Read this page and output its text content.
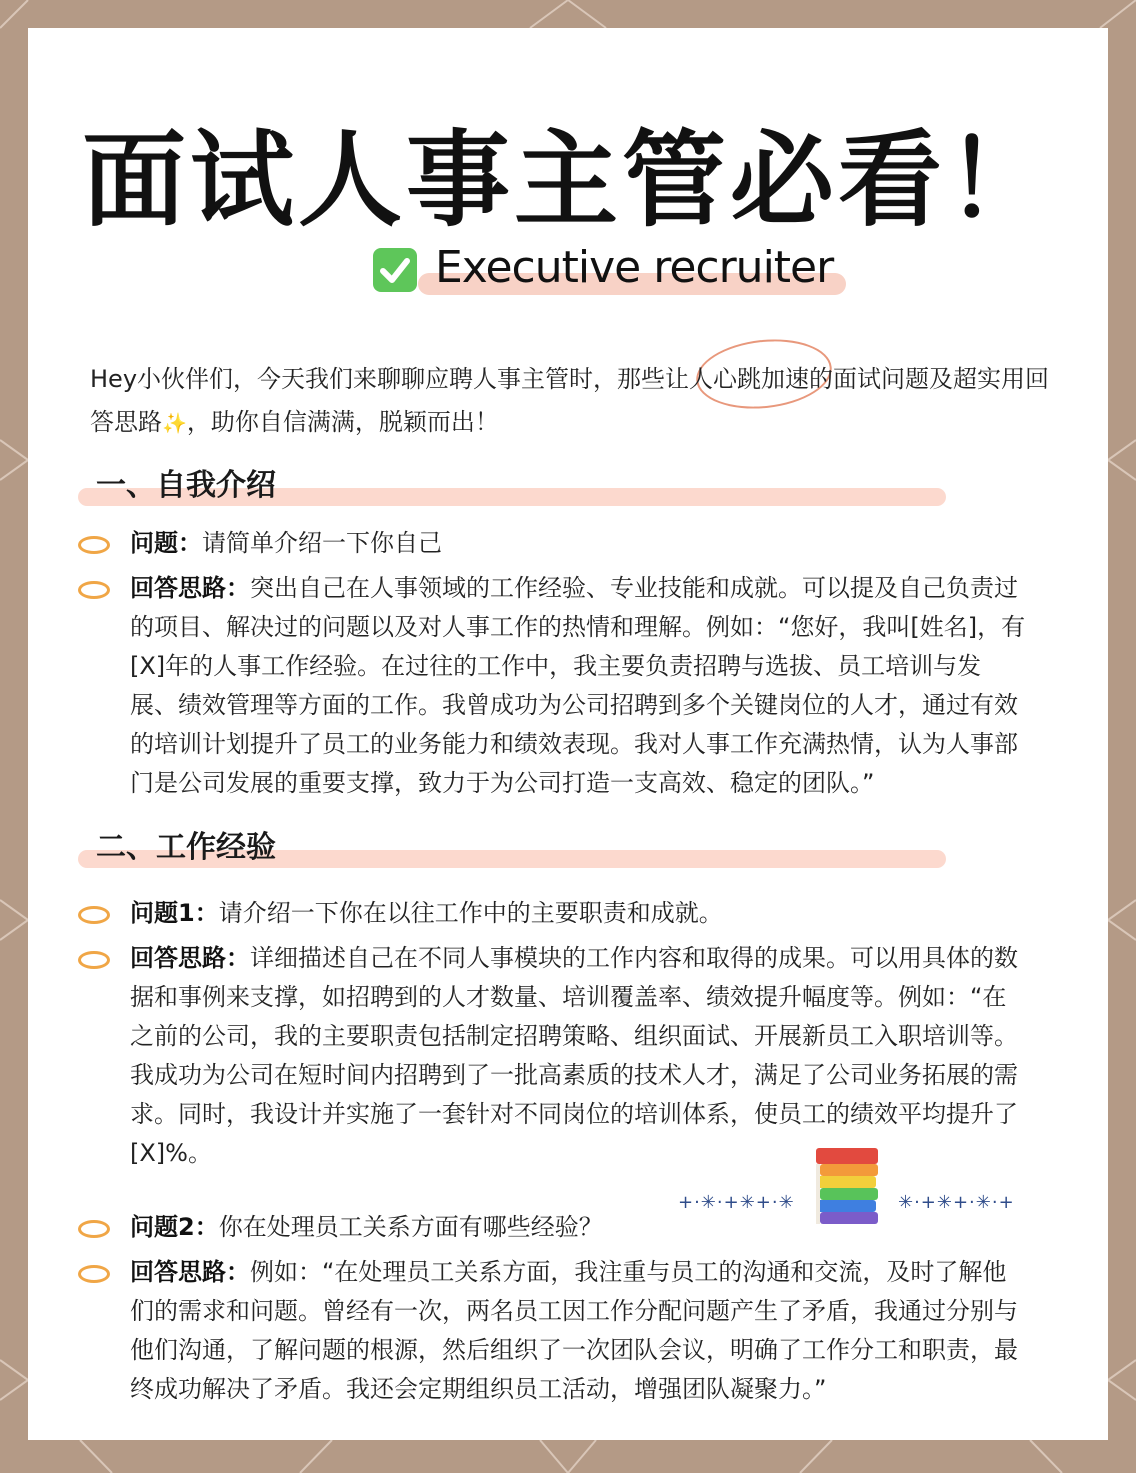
面试人事主管必看！
Executive recruiter
Hey小伙伴们，今天我们来聊聊应聘人事主管时，那些让人心跳加速的面试问题及超实用回答思路✨，助你自信满满，脱颖而出！
一、自我介绍
问题：请简单介绍一下你自己
回答思路：突出自己在人事领域的工作经验、专业技能和成就。可以提及自己负责过的项目、解决过的问题以及对人事工作的热情和理解。例如：“您好，我叫[姓名]，有[X]年的人事工作经验。在过往的工作中，我主要负责招聘与选拔、员工培训与发展、绩效管理等方面的工作。我曾成功为公司招聘到多个关键岗位的人才，通过有效的培训计划提升了员工的业务能力和绩效表现。我对人事工作充满热情，认为人事部门是公司发展的重要支撑，致力于为公司打造一支高效、稳定的团队。”
二、工作经验
问题1：请介绍一下你在以往工作中的主要职责和成就。
回答思路：详细描述自己在不同人事模块的工作内容和取得的成果。可以用具体的数据和事例来支撑，如招聘到的人才数量、培训覆盖率、绩效提升幅度等。例如：“在之前的公司，我的主要职责包括制定招聘策略、组织面试、开展新员工入职培训等。我成功为公司在短时间内招聘到了一批高素质的技术人才，满足了公司业务拓展的需求。同时，我设计并实施了一套针对不同岗位的培训体系，使员工的绩效平均提升了[X]%。
+·✳·+✳+·✳	✳·+✳+·✳·+
问题2：你在处理员工关系方面有哪些经验？
回答思路：例如：“在处理员工关系方面，我注重与员工的沟通和交流，及时了解他们的需求和问题。曾经有一次，两名员工因工作分配问题产生了矛盾，我通过分别与他们沟通，了解问题的根源，然后组织了一次团队会议，明确了工作分工和职责，最终成功解决了矛盾。我还会定期组织员工活动，增强团队凝聚力。”
